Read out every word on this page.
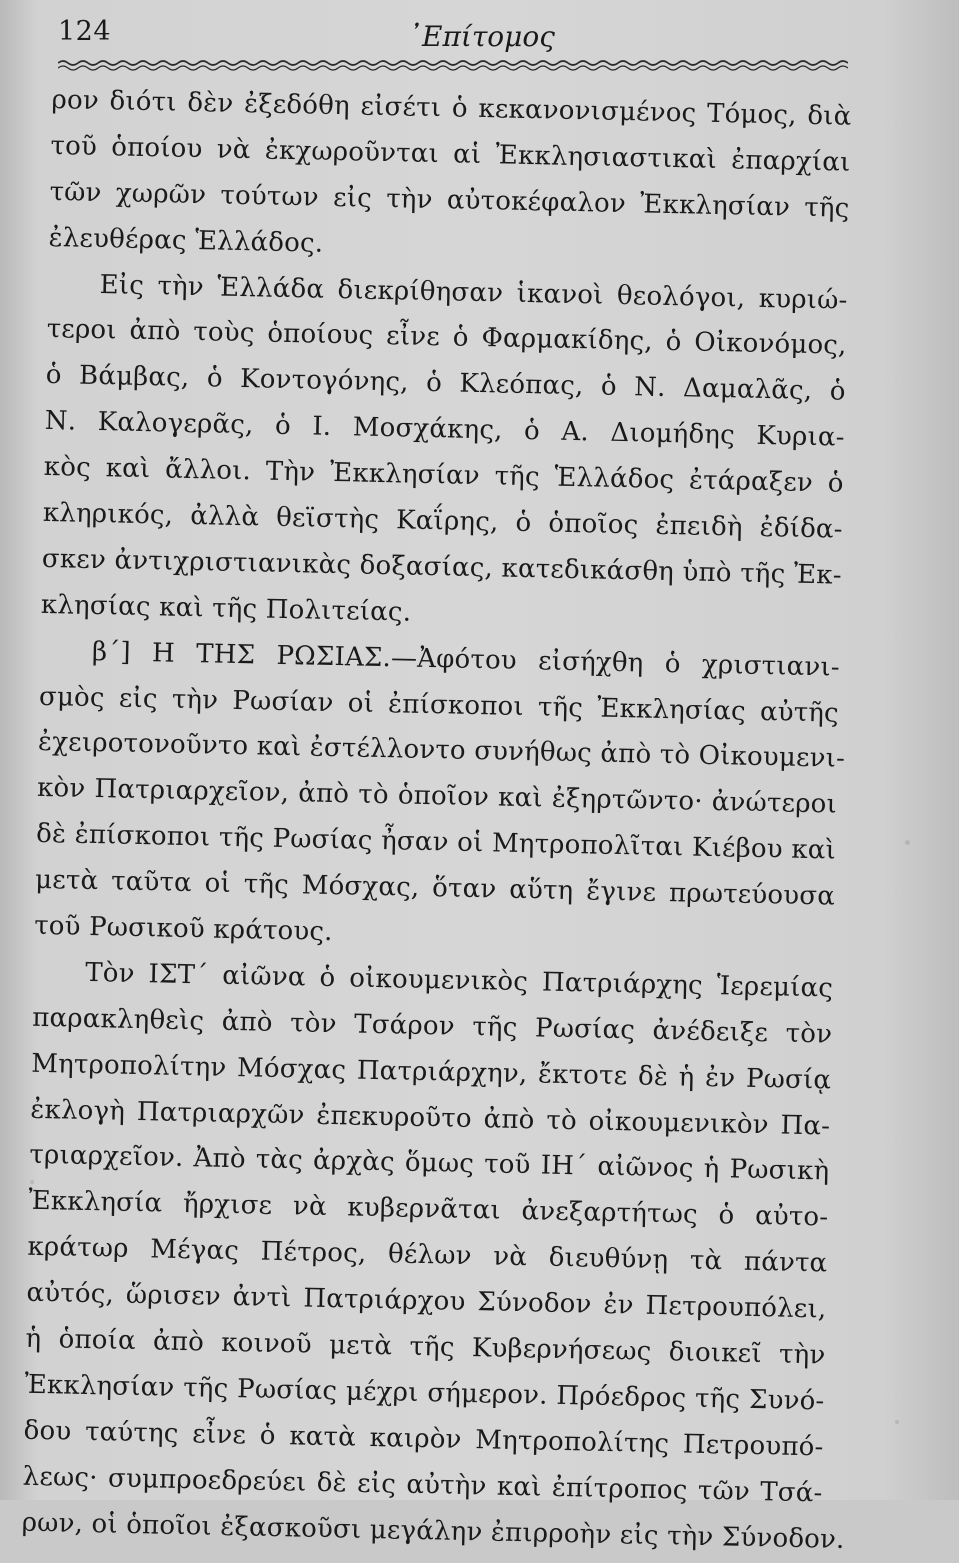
124	᾿Επίτομος
ρον διότι δὲν ἐξεδόθη εἰσέτι ὁ κεκανονισμένος Τόμος, διὰ
τοῦ ὁποίου νὰ ἐκχωροῦνται αἱ Ἐκκλησιαστικαὶ ἐπαρχίαι
τῶν χωρῶν τούτων εἰς τὴν αὐτοκέφαλον Ἐκκλησίαν τῆς
ἐλευθέρας Ἑλλάδος.
Εἰς τὴν Ἑλλάδα διεκρίθησαν ἱκανοὶ θεολόγοι, κυριώ-
τεροι ἀπὸ τοὺς ὁποίους εἶνε ὁ Φαρμακίδης, ὁ Οἰκονόμος,
ὁ Βάμβας, ὁ Κοντογόνης, ὁ Κλεόπας, ὁ Ν. Δαμαλᾶς, ὁ
Ν. Καλογερᾶς, ὁ Ι. Μοσχάκης, ὁ Α. Διομήδης Κυρια-
κὸς καὶ ἄλλοι. Τὴν Ἐκκλησίαν τῆς Ἑλλάδος ἐτάραξεν ὁ
κληρικός, ἀλλὰ θεϊστὴς Καΐρης, ὁ ὁποῖος ἐπειδὴ ἐδίδα-
σκεν ἀντιχριστιανικὰς δοξασίας, κατεδικάσθη ὑπὸ τῆς Ἐκ-
κλησίας καὶ τῆς Πολιτείας.
β΄] Η ΤΗΣ ΡΩΣΙΑΣ.—Ἀφότου εἰσήχθη ὁ χριστιανι-
σμὸς εἰς τὴν Ρωσίαν οἱ ἐπίσκοποι τῆς Ἐκκλησίας αὐτῆς
ἐχειροτονοῦντο καὶ ἐστέλλοντο συνήθως ἀπὸ τὸ Οἰκουμενι-
κὸν Πατριαρχεῖον, ἀπὸ τὸ ὁποῖον καὶ ἐξηρτῶντο· ἀνώτεροι
δὲ ἐπίσκοποι τῆς Ρωσίας ἦσαν οἱ Μητροπολῖται Κιέβου καὶ
μετὰ ταῦτα οἱ τῆς Μόσχας, ὅταν αὕτη ἔγινε πρωτεύουσα
τοῦ Ρωσικοῦ κράτους.
Τὸν ΙΣΤ΄ αἰῶνα ὁ οἰκουμενικὸς Πατριάρχης Ἱερεμίας
παρακληθεὶς ἀπὸ τὸν Τσάρον τῆς Ρωσίας ἀνέδειξε τὸν
Μητροπολίτην Μόσχας Πατριάρχην, ἔκτοτε δὲ ἡ ἐν Ρωσίᾳ
ἐκλογὴ Πατριαρχῶν ἐπεκυροῦτο ἀπὸ τὸ οἰκουμενικὸν Πα-
τριαρχεῖον. Ἀπὸ τὰς ἀρχὰς ὅμως τοῦ ΙΗ΄ αἰῶνος ἡ Ρωσικὴ
Ἐκκλησία ἤρχισε νὰ κυβερνᾶται ἀνεξαρτήτως ὁ αὐτο-
κράτωρ Μέγας Πέτρος, θέλων νὰ διευθύνῃ τὰ πάντα
αὐτός, ὥρισεν ἀντὶ Πατριάρχου Σύνοδον ἐν Πετρουπόλει,
ἡ ὁποία ἀπὸ κοινοῦ μετὰ τῆς Κυβερνήσεως διοικεῖ τὴν
Ἐκκλησίαν τῆς Ρωσίας μέχρι σήμερον. Πρόεδρος τῆς Συνό-
δου ταύτης εἶνε ὁ κατὰ καιρὸν Μητροπολίτης Πετρουπό-
λεως· συμπροεδρεύει δὲ εἰς αὐτὴν καὶ ἐπίτροπος τῶν Τσά-
ρων, οἱ ὁποῖοι ἐξασκοῦσι μεγάλην ἐπιρροὴν εἰς τὴν Σύνοδον.
